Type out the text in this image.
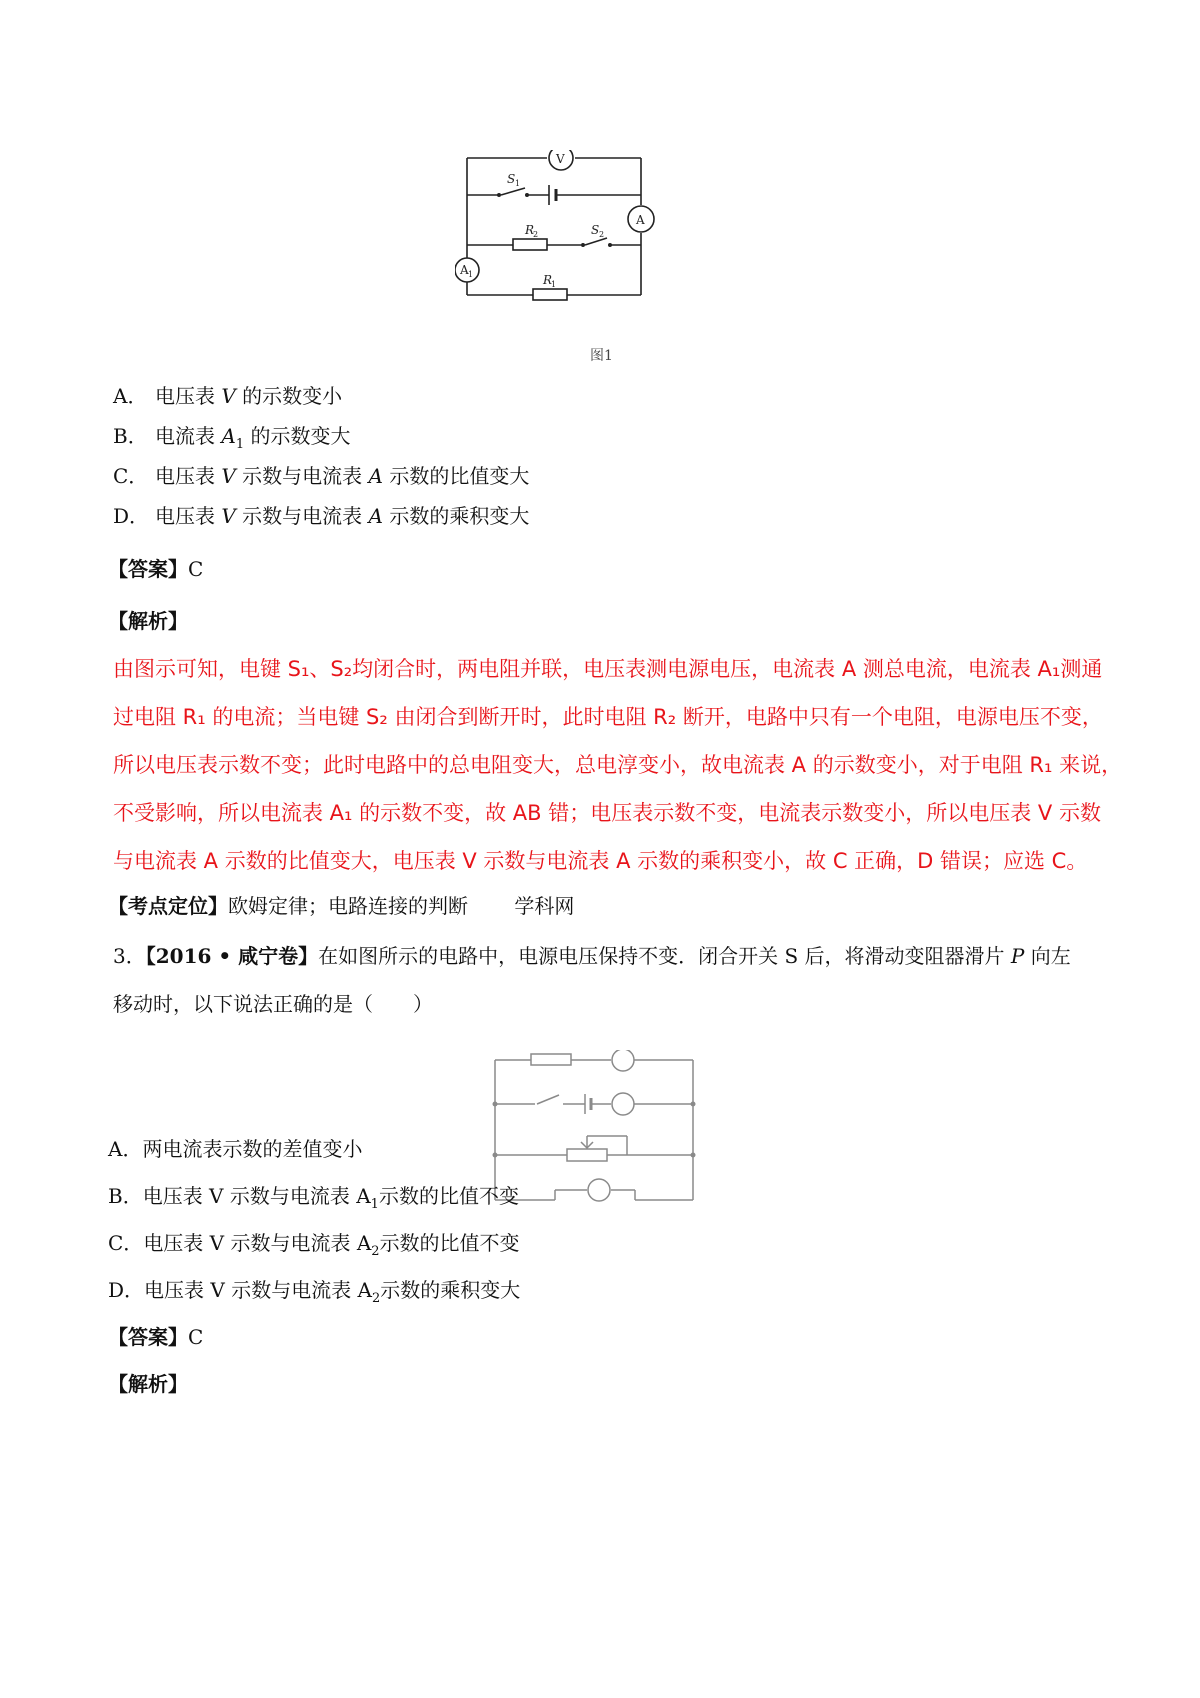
V
A
A 1
S 1
R
2	S 2
R
1
图1
A． 电压表 V 的示数变小
B． 电流表 $A_1$ 的示数变大
C． 电压表 V 示数与电流表 A 示数的比值变大
D． 电压表 V 示数与电流表 A 示数的乘积变大
【答案】C
【解析】
由图示可知，电键 S₁、S₂均闭合时，两电阻并联，电压表测电源电压，电流表 A 测总电流，电流表 A₁测通
过电阻 R₁ 的电流；当电键 S₂ 由闭合到断开时，此时电阻 R₂ 断开，电路中只有一个电阻，电源电压不变，
所以电压表示数不变；此时电路中的总电阻变大，总电淳变小，故电流表 A 的示数变小，对于电阻 R₁ 来说，
不受影响，所以电流表 A₁ 的示数不变，故 AB 错；电压表示数不变，电流表示数变小，所以电压表 V 示数
与电流表 A 示数的比值变大，电压表 V 示数与电流表 A 示数的乘积变小，故 C 正确，D 错误；应选 C。
【考点定位】欧姆定律；电路连接的判断 学科网
3．【2016 • 咸宁卷】在如图所示的电路中，电源电压保持不变．闭合开关 S 后，将滑动变阻器滑片 P 向左
移动时，以下说法正确的是（　　）
A．两电流表示数的差值变小
B．电压表 V 示数与电流表 $A_1$示数的比值不变
C．电压表 V 示数与电流表 $A_2$示数的比值不变
D．电压表 V 示数与电流表 $A_2$示数的乘积变大
【答案】C
【解析】
